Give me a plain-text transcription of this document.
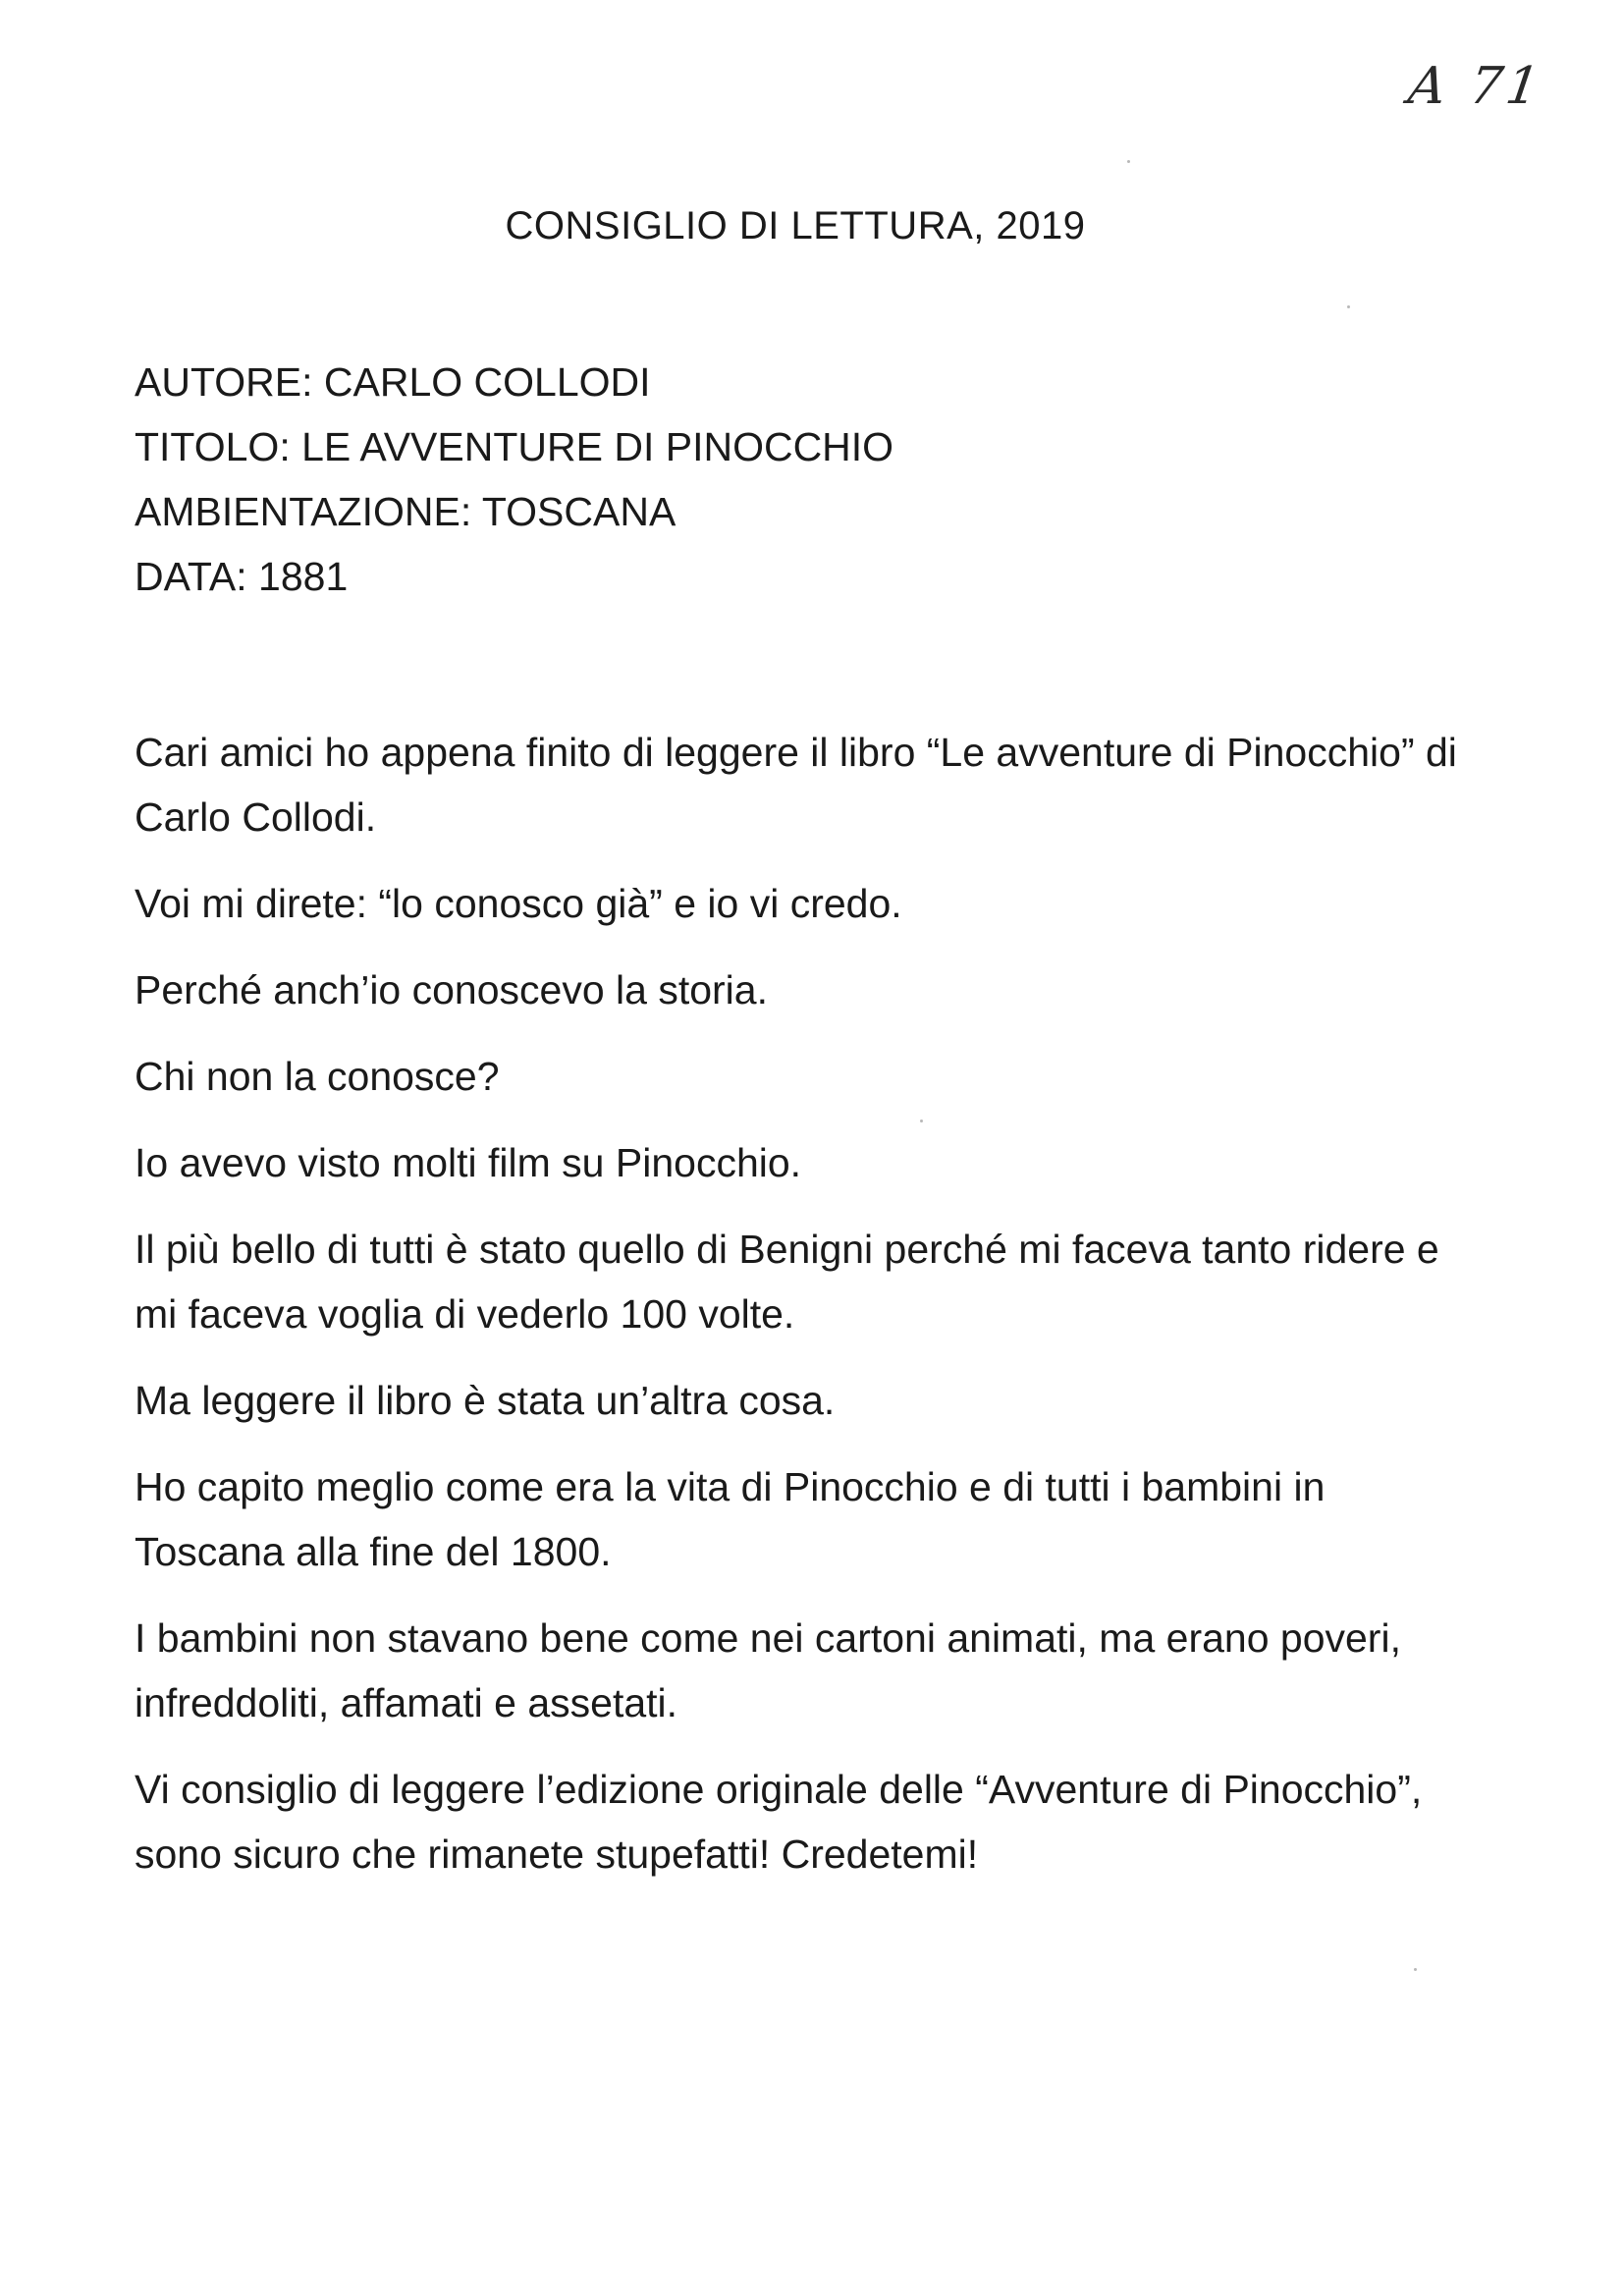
A 71
CONSIGLIO DI LETTURA, 2019
AUTORE: CARLO COLLODI
TITOLO: LE AVVENTURE DI PINOCCHIO
AMBIENTAZIONE: TOSCANA
DATA: 1881

Cari amici ho appena finito di leggere il libro “Le avventure di Pinocchio” di Carlo Collodi.

Voi mi direte: “lo conosco già” e io vi credo.

Perché anch’io conoscevo la storia.

Chi non la conosce?

Io avevo visto molti film su Pinocchio.

Il più bello di tutti è stato quello di Benigni perché mi faceva tanto ridere e mi faceva voglia di vederlo 100 volte.

Ma leggere il libro è stata un’altra cosa.

Ho capito meglio come era la vita di Pinocchio e di tutti i bambini in Toscana alla fine del 1800.

I bambini non stavano bene come nei cartoni animati, ma erano poveri, infreddoliti, affamati e assetati.

Vi consiglio di leggere l’edizione originale delle “Avventure di Pinocchio”, sono sicuro che rimanete stupefatti! Credetemi!
